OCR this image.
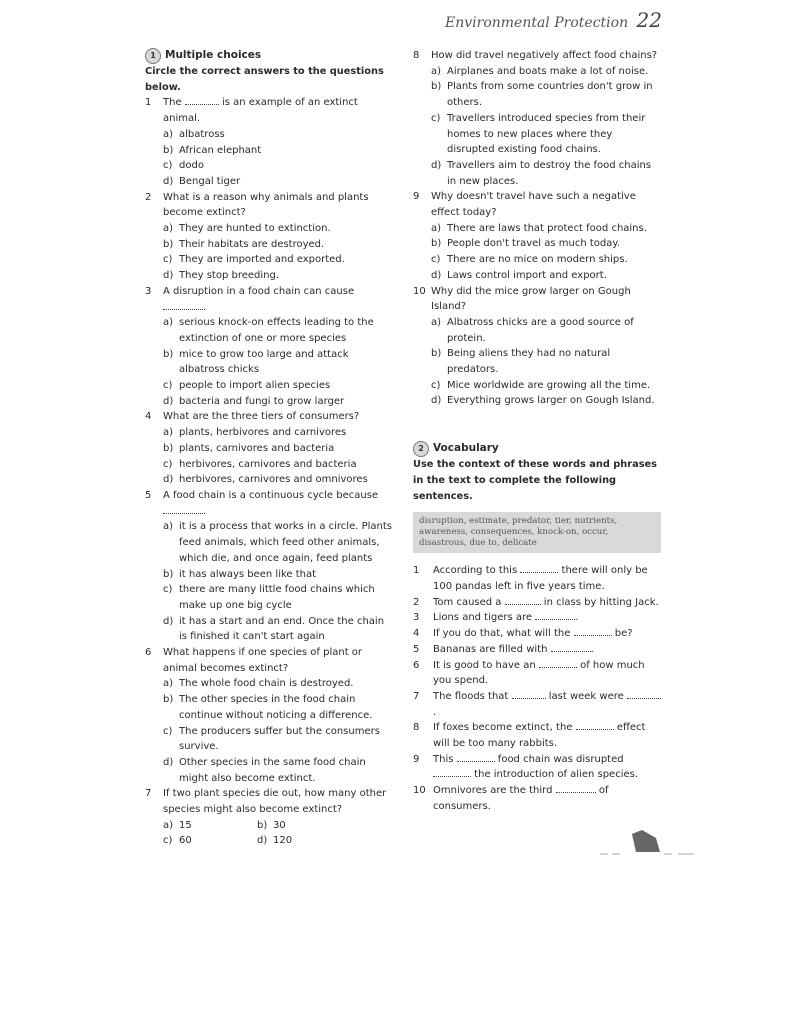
Environmental Protection 22
1 Multiple choices
Circle the correct answers to the questions below.
1	The	is an example of an extinct animal.
a) albatross
b) African elephant
c) dodo
d) Bengal tiger
2	What is a reason why animals and plants become extinct?
a) They are hunted to extinction.
b) Their habitats are destroyed.
c) They are imported and exported.
d) They stop breeding.
3	A disruption in a food chain can cause .
a) serious knock-on effects leading to the extinction of one or more species
b) mice to grow too large and attack albatross chicks
c) people to import alien species
d) bacteria and fungi to grow larger
4	What are the three tiers of consumers?
a) plants, herbivores and carnivores
b) plants, carnivores and bacteria
c) herbivores, carnivores and bacteria
d) herbivores, carnivores and omnivores
5	A food chain is a continuous cycle because
.
a) it is a process that works in a circle. Plants feed animals, which feed other animals, which die, and once again, feed plants
b) it has always been like that
c) there are many little food chains which make up one big cycle
d) it has a start and an end. Once the chain is finished it can't start again
6	What happens if one species of plant or animal becomes extinct?
a) The whole food chain is destroyed.
b) The other species in the food chain continue without noticing a difference.
c) The producers suffer but the consumers survive.
d) Other species in the same food chain might also become extinct.
7	If two plant species die out, how many other species might also become extinct?
a) 15	b) 30
c) 60	d) 120
8	How did travel negatively affect food chains?
a) Airplanes and boats make a lot of noise.
b) Plants from some countries don't grow in others.
c) Travellers introduced species from their homes to new places where they disrupted existing food chains.
d) Travellers aim to destroy the food chains in new places.
9	Why doesn't travel have such a negative effect today?
a) There are laws that protect food chains.
b) People don't travel as much today.
c) There are no mice on modern ships.
d) Laws control import and export.
10 Why did the mice grow larger on Gough Island?
a) Albatross chicks are a good source of protein.
b) Being aliens they had no natural predators.
c) Mice worldwide are growing all the time.
d) Everything grows larger on Gough Island.
2 Vocabulary
Use the context of these words and phrases in the text to complete the following sentences.
disruption, estimate, predator, tier, nutrients, awareness, consequences, knock-on, occur, disastrous, due to, delicate
1	According to this	there will only be 100 pandas left in five years time.
2	Tom caused a	in class by hitting Jack.
3	Lions and tigers are	.
4	If you do that, what will the	be?
5	Bananas are filled with	.
6	It is good to have an	of how much you spend.
7	The floods that	last week were .
8	If foxes become extinct, the	effect will be too many rabbits.
9	This	food chain was disrupted  the introduction of alien species.
10 Omnivores are the third	of consumers.
